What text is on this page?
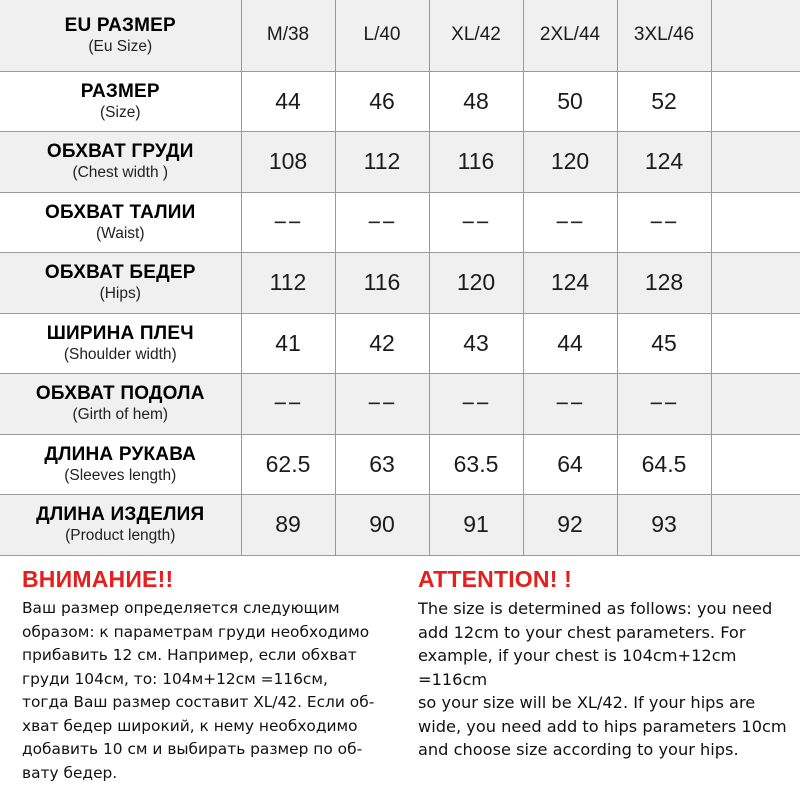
EU РАЗМЕР
(Eu Size)	M/38	L/40	XL/42	2XL/44	3XL/46	

РАЗМЕР
(Size)	44	46	48	50	52	

ОБХВАТ ГРУДИ
(Chest width )	108	112	116	120	124	

ОБХВАТ ТАЛИИ
(Waist)	−−	−−	−−	−−	−−	

ОБХВАТ БЕДЕР
(Hips)	112	116	120	124	128	

ШИРИНА ПЛЕЧ
(Shoulder width)	41	42	43	44	45	

ОБХВАТ ПОДОЛА
(Girth of hem)	−−	−−	−−	−−	−−	

ДЛИНА РУКАВА
(Sleeves length)	62.5	63	63.5	64	64.5	

ДЛИНА ИЗДЕЛИЯ
(Product length)	89	90	91	92	93	
ВНИМАНИЕ!!

Ваш размер определяется следующим
образом: к параметрам груди необходимо
прибавить 12 см. Например, если обхват
груди 104см, то: 104м+12см =116см,
тогда Ваш размер составит XL/42. Если об-
хват бедер широкий, к нему необходимо
добавить 10 см и выбирать размер по об-
вату бедер.

ATTENTION! !

The size is determined as follows: you need
add 12cm to your chest parameters. For
example, if your chest is 104cm+12cm =116cm
so your size will be XL/42. If your hips are
wide, you need add to hips parameters 10cm
and choose size according to your hips.
